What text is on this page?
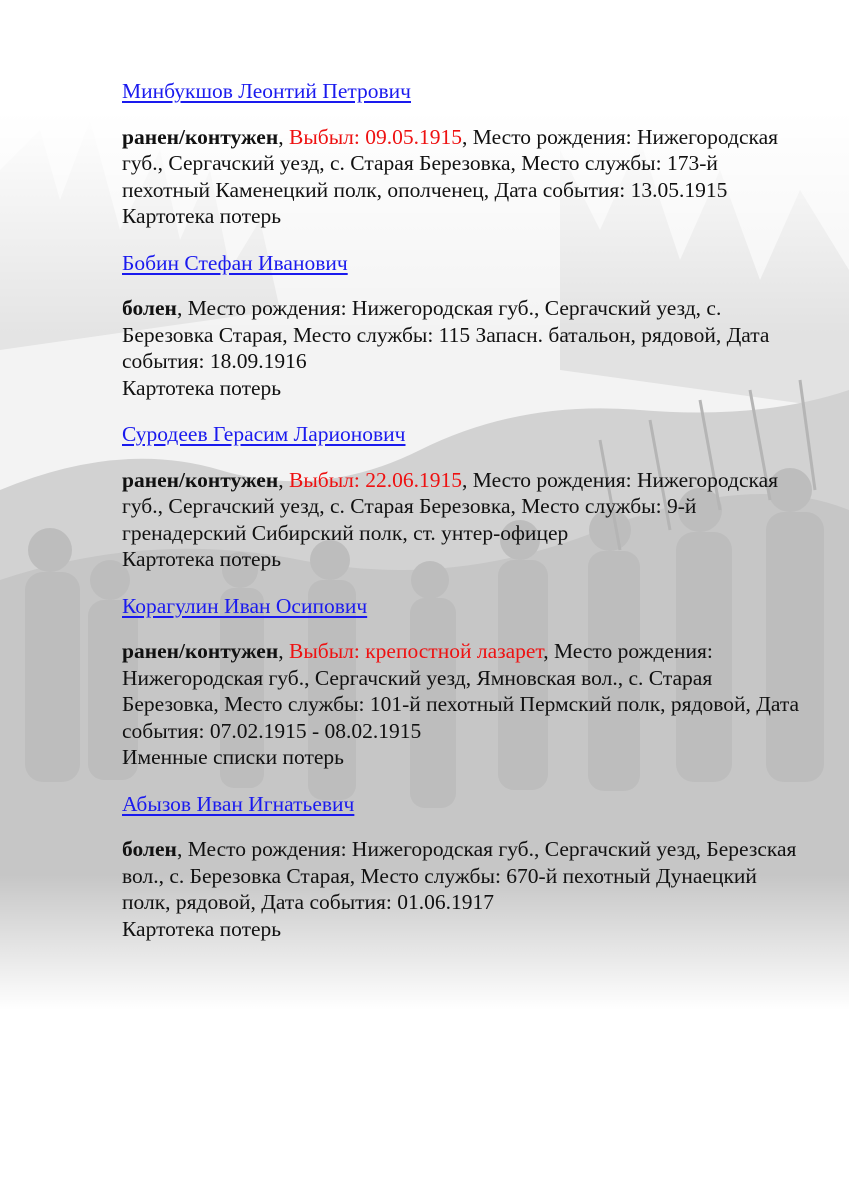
Минбукшов Леонтий Петрович
ранен/контужен, Выбыл: 09.05.1915, Место рождения: Нижегородская губ., Сергачский уезд, с. Старая Березовка, Место службы: 173-й пехотный Каменецкий полк, ополченец, Дата события: 13.05.1915
Картотека потерь
Бобин Стефан Иванович
болен, Место рождения: Нижегородская губ., Сергачский уезд, с. Березовка Старая, Место службы: 115 Запасн. батальон, рядовой, Дата события: 18.09.1916
Картотека потерь
Суродеев Герасим Ларионович
ранен/контужен, Выбыл: 22.06.1915, Место рождения: Нижегородская губ., Сергачский уезд, с. Старая Березовка, Место службы: 9-й гренадерский Сибирский полк, ст. унтер-офицер
Картотека потерь
Корагулин Иван Осипович
ранен/контужен, Выбыл: крепостной лазарет, Место рождения: Нижегородская губ., Сергачский уезд, Ямновская вол., с. Старая Березовка, Место службы: 101-й пехотный Пермский полк, рядовой, Дата события: 07.02.1915 - 08.02.1915
Именные списки потерь
Абызов Иван Игнатьевич
болен, Место рождения: Нижегородская губ., Сергачский уезд, Березская вол., с. Березовка Старая, Место службы: 670-й пехотный Дунаецкий полк, рядовой, Дата события: 01.06.1917
Картотека потерь
